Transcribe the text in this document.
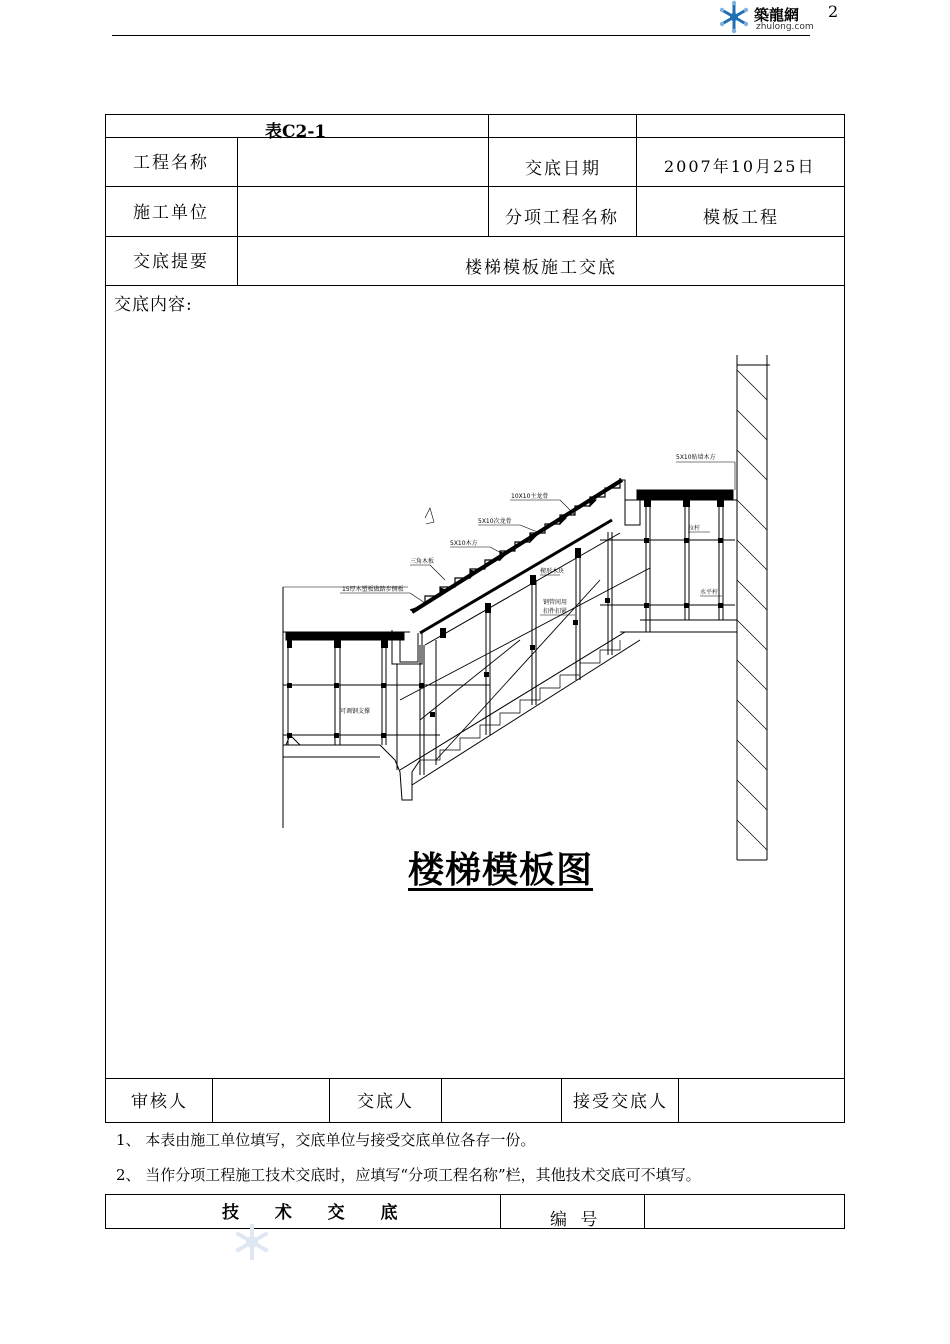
築龍網
zhulong.com
2
表C2-1
工程名称	交底日期	2007年10月25日
施工单位	分项工程名称	模板工程
交底提要	楼梯模板施工交底
交底内容:
审核人	交底人	接受交底人
5X10贴墙木方
10X10主龙骨
5X10次龙骨
5X10木方
三角木板
15厚木塑板做踏步侧板
拉杆
楔形木块
钢管间用
扣件扣紧
水平杆
可调钢支撑
楼梯模板图
1、 本表由施工单位填写，交底单位与接受交底单位各存一份。
2、 当作分项工程施工技术交底时，应填写“分项工程名称”栏，其他技术交底可不填写。
技  术  交  底	编 号
